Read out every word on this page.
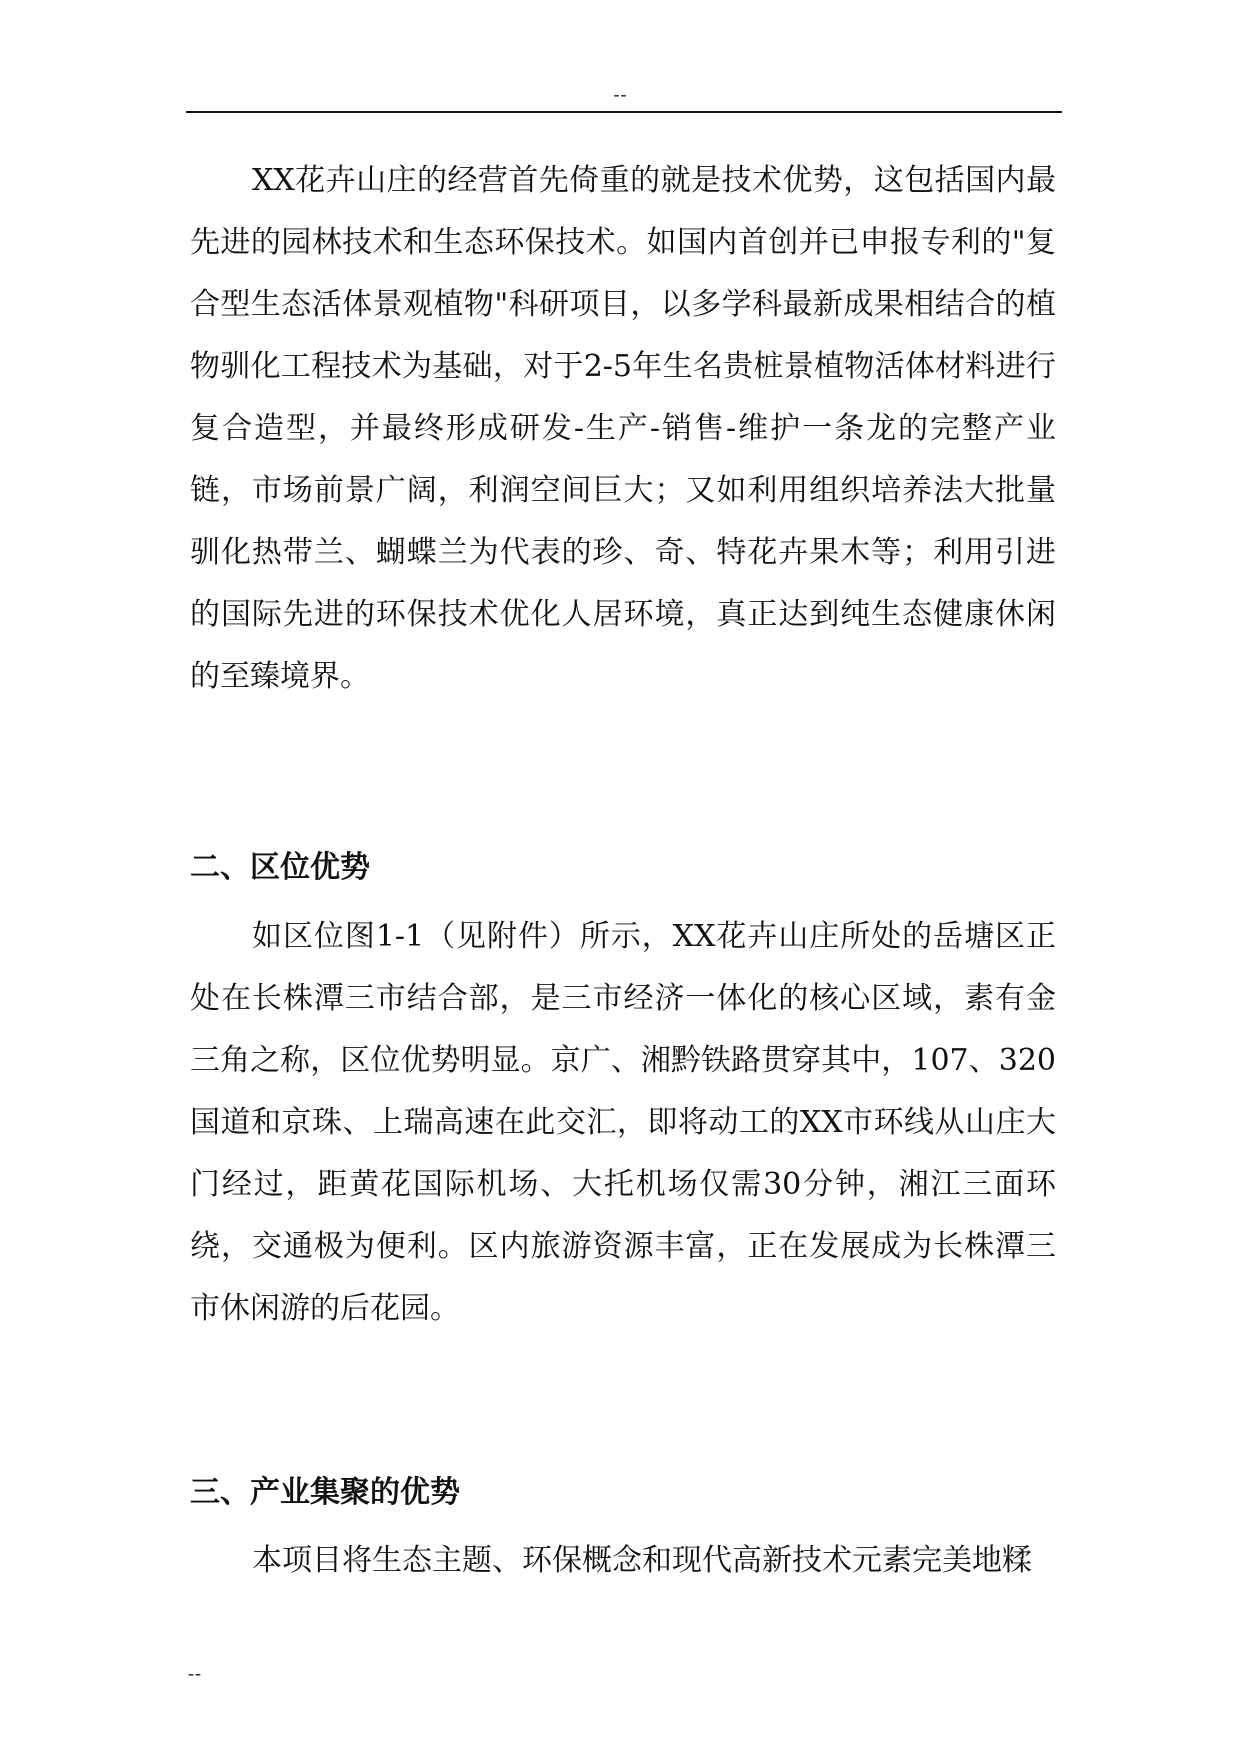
--

XX花卉山庄的经营首先倚重的就是技术优势，这包括国内最先进的园林技术和生态环保技术。如国内首创并已申报专利的"复合型生态活体景观植物"科研项目，以多学科最新成果相结合的植物驯化工程技术为基础，对于2-5年生名贵桩景植物活体材料进行复合造型，并最终形成研发-生产-销售-维护一条龙的完整产业链，市场前景广阔，利润空间巨大；又如利用组织培养法大批量驯化热带兰、蝴蝶兰为代表的珍、奇、特花卉果木等；利用引进的国际先进的环保技术优化人居环境，真正达到纯生态健康休闲的至臻境界。

二、区位优势

如区位图1-1（见附件）所示，XX花卉山庄所处的岳塘区正处在长株潭三市结合部，是三市经济一体化的核心区域，素有金三角之称，区位优势明显。京广、湘黔铁路贯穿其中，107、320国道和京珠、上瑞高速在此交汇，即将动工的XX市环线从山庄大门经过，距黄花国际机场、大托机场仅需30分钟，湘江三面环绕，交通极为便利。区内旅游资源丰富，正在发展成为长株潭三市休闲游的后花园。

三、产业集聚的优势

本项目将生态主题、环保概念和现代高新技术元素完美地糅

--
